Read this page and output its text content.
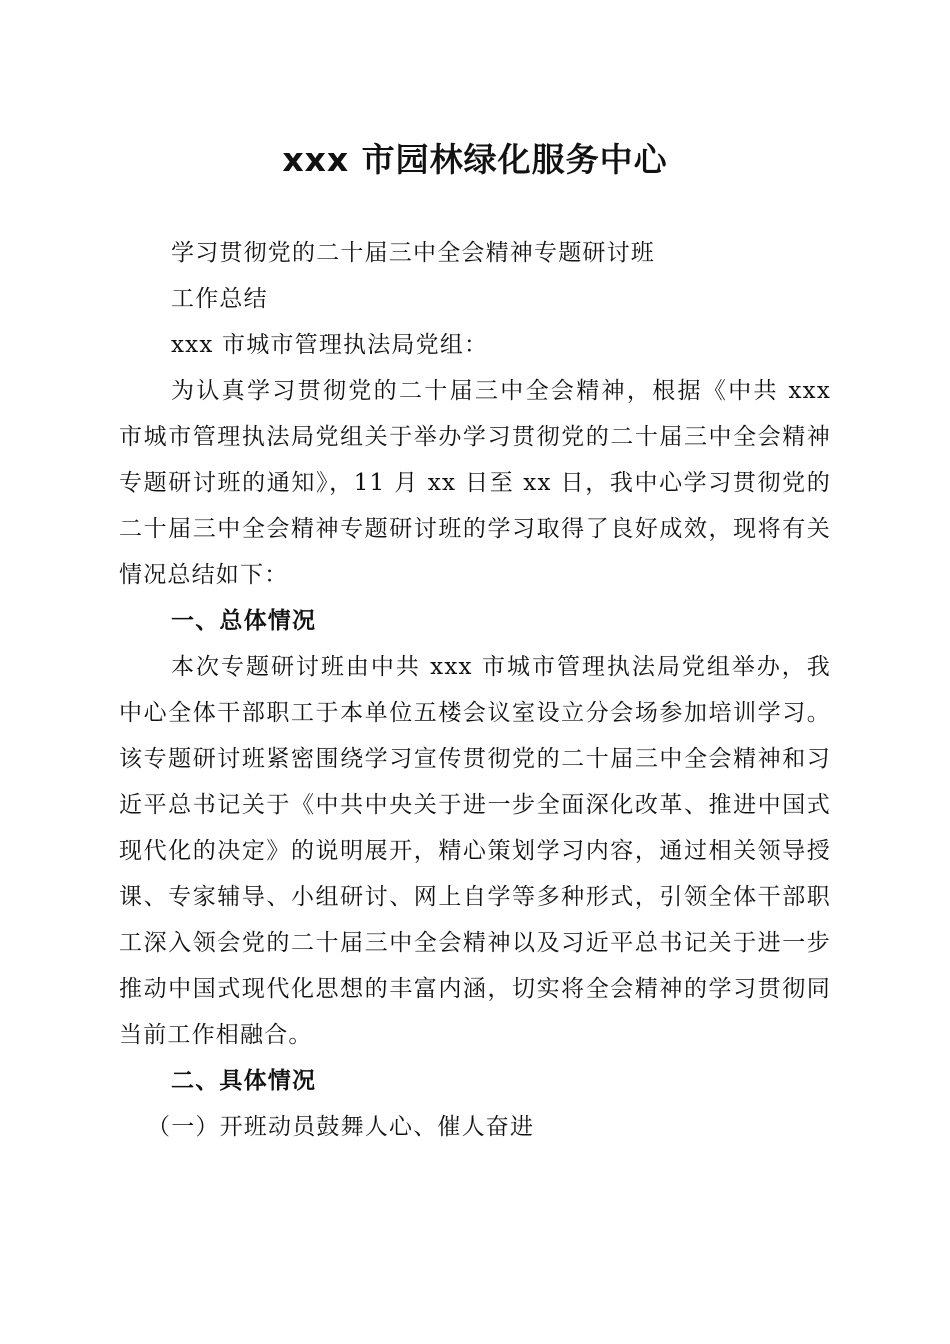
xxx 市园林绿化服务中心

学习贯彻党的二十届三中全会精神专题研讨班

工作总结

xxx 市城市管理执法局党组：

为认真学习贯彻党的二十届三中全会精神，根据《中共 xxx 市城市管理执法局党组关于举办学习贯彻党的二十届三中全会精神专题研讨班的通知》，11 月 xx 日至 xx 日，我中心学习贯彻党的二十届三中全会精神专题研讨班的学习取得了良好成效，现将有关情况总结如下：

一、总体情况

本次专题研讨班由中共 xxx 市城市管理执法局党组举办，我中心全体干部职工于本单位五楼会议室设立分会场参加培训学习。该专题研讨班紧密围绕学习宣传贯彻党的二十届三中全会精神和习近平总书记关于《中共中央关于进一步全面深化改革、推进中国式现代化的决定》的说明展开，精心策划学习内容，通过相关领导授课、专家辅导、小组研讨、网上自学等多种形式，引领全体干部职工深入领会党的二十届三中全会精神以及习近平总书记关于进一步推动中国式现代化思想的丰富内涵，切实将全会精神的学习贯彻同当前工作相融合。

二、具体情况

（一）开班动员鼓舞人心、催人奋进
